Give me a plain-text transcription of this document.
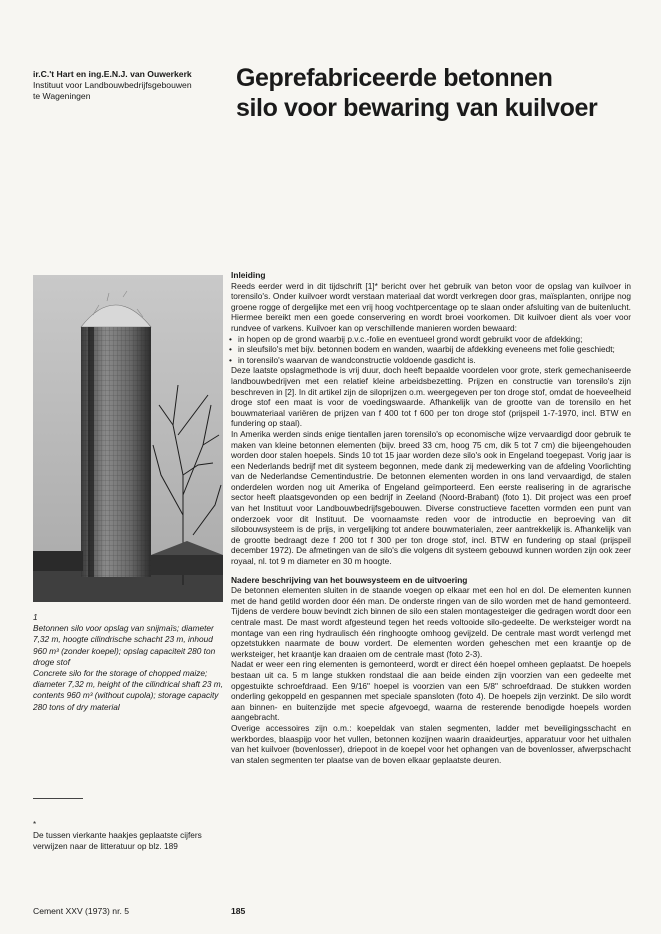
ir.C.'t Hart en ing.E.N.J. van Ouwerkerk
Instituut voor Landbouwbedrijfsgebouwen
te Wageningen
Geprefabriceerde betonnen
silo voor bewaring van kuilvoer
1
Betonnen silo voor opslag van snijmaïs; diameter 7,32 m, hoogte cilindrische schacht 23 m, inhoud 960 m³ (zonder koepel); opslag capaciteit 280 ton droge stof
Concrete silo for the storage of chopped maize; diameter 7,32 m, height of the cilindrical shaft 23 m, contents 960 m³ (without cupola); storage capacity 280 tons of dry material
*
De tussen vierkante haakjes geplaatste cijfers verwijzen naar de litteratuur op blz. 189
Inleiding

Reeds eerder werd in dit tijdschrift [1]* bericht over het gebruik van beton voor de opslag van kuilvoer in torensilo's. Onder kuilvoer wordt verstaan materiaal dat wordt verkregen door gras, maïsplanten, onrijpe nog groene rogge of dergelijke met een vrij hoog vochtpercentage op te slaan onder afsluiting van de buitenlucht. Hiermee bereikt men een goede conservering en wordt broei voorkomen. Dit kuilvoer dient als voer voor rundvee of varkens. Kuilvoer kan op verschillende manieren worden bewaard:

• in hopen op de grond waarbij p.v.c.-folie en eventueel grond wordt gebruikt voor de afdekking;
• in sleufsilo's met bijv. betonnen bodem en wanden, waarbij de afdekking eveneens met folie geschiedt;
• in torensilo's waarvan de wandconstructie voldoende gasdicht is.

Deze laatste opslagmethode is vrij duur, doch heeft bepaalde voordelen voor grote, sterk gemechaniseerde landbouwbedrijven met een relatief kleine arbeidsbezetting. Prijzen en constructie van torensilo's zijn beschreven in [2]. In dit artikel zijn de siloprijzen o.m. weergegeven per ton droge stof, omdat de hoeveelheid droge stof een maat is voor de voedingswaarde. Afhankelijk van de grootte van de torensilo en het bouwmateriaal variëren de prijzen van f 400 tot f 600 per ton droge stof (prijspeil 1-7-1970, incl. BTW en fundering op staal).

In Amerika werden sinds enige tientallen jaren torensilo's op economische wijze vervaardigd door gebruik te maken van kleine betonnen elementen (bijv. breed 33 cm, hoog 75 cm, dik 5 tot 7 cm) die bijeengehouden worden door stalen hoepels. Sinds 10 tot 15 jaar worden deze silo's ook in Engeland toegepast. Vorig jaar is een Nederlands bedrijf met dit systeem begonnen, mede dank zij medewerking van de afdeling Voorlichting van de Nederlandse Cementindustrie. De betonnen elementen worden in ons land vervaardigd, de stalen onderdelen worden nog uit Amerika of Engeland geïmporteerd. Een eerste realisering in de agrarische sector heeft plaatsgevonden op een bedrijf in Zeeland (Noord-Brabant) (foto 1). Dit project was een proef van het Instituut voor Landbouwbedrijfsgebouwen. Diverse constructieve facetten vormden een punt van onderzoek voor dit Instituut. De voornaamste reden voor de introductie en beproeving van dit silobouwsysteem is de prijs, in vergelijking tot andere bouwmaterialen, zeer aantrekkelijk is. Afhankelijk van de grootte bedraagt deze f 200 tot f 300 per ton droge stof, incl. BTW en fundering op staal (prijspeil december 1972). De afmetingen van de silo's die volgens dit systeem gebouwd kunnen worden zijn ook zeer royaal, nl. tot 9 m diameter en 30 m hoogte.

Nadere beschrijving van het bouwsysteem en de uitvoering

De betonnen elementen sluiten in de staande voegen op elkaar met een hol en dol. De elementen kunnen met de hand getild worden door één man. De onderste ringen van de silo worden met de hand gemonteerd. Tijdens de verdere bouw bevindt zich binnen de silo een stalen montagesteiger die gedragen wordt door een centrale mast. De mast wordt afgesteund tegen het reeds voltooide silo-gedeelte. De werksteiger wordt na montage van een ring hydraulisch één ringhoogte omhoog gevijzeld. De centrale mast wordt verlengd met opzetstukken naarmate de bouw vordert. De elementen worden geheschen met een kraantje op de werksteiger, het kraantje kan draaien om de centrale mast (foto 2-3).

Nadat er weer een ring elementen is gemonteerd, wordt er direct één hoepel omheen geplaatst. De hoepels bestaan uit ca. 5 m lange stukken rondstaal die aan beide einden zijn voorzien van een gedeelte met opgestuikte schroefdraad. Een 9/16" hoepel is voorzien van een 5/8" schroefdraad. De stukken worden onderling gekoppeld en gespannen met speciale spansloten (foto 4). De hoepels zijn verzinkt. De silo wordt aan binnen- en buitenzijde met specie afgevoegd, waarna de resterende benodigde hoepels worden aangebracht.

Overige accessoires zijn o.m.: koepeldak van stalen segmenten, ladder met beveiligingsschacht en werkbordes, blaaspijp voor het vullen, betonnen kozijnen waarin draaideurtjes, apparatuur voor het uithalen van het kuilvoer (bovenlosser), driepoot in de koepel voor het ophangen van de bovenlosser, afwerpschacht van stalen segmenten ter plaatse van de boven elkaar geplaatste deuren.

Cement XXV (1973) nr. 5	185
